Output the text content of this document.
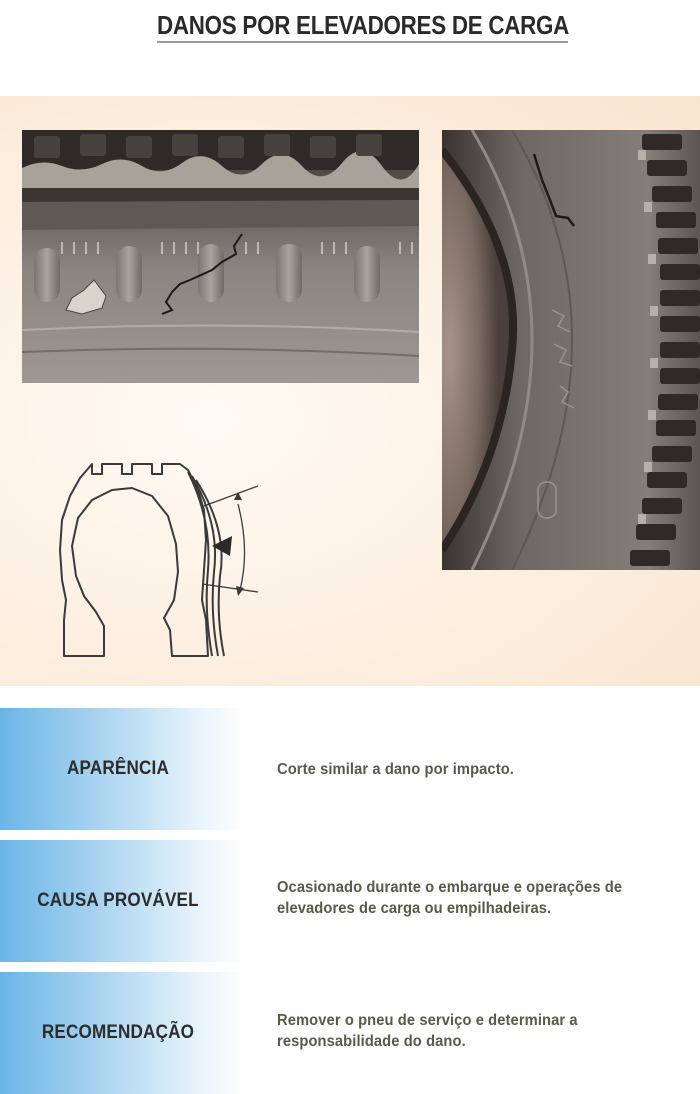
DANOS POR ELEVADORES DE CARGA
APARÊNCIA	Corte similar a dano por impacto.
CAUSA PROVÁVEL
Ocasionado durante o embarque e operações de elevadores de carga ou empilhadeiras.
RECOMENDAÇÃO
Remover o pneu de serviço e determinar a responsabilidade do dano.
